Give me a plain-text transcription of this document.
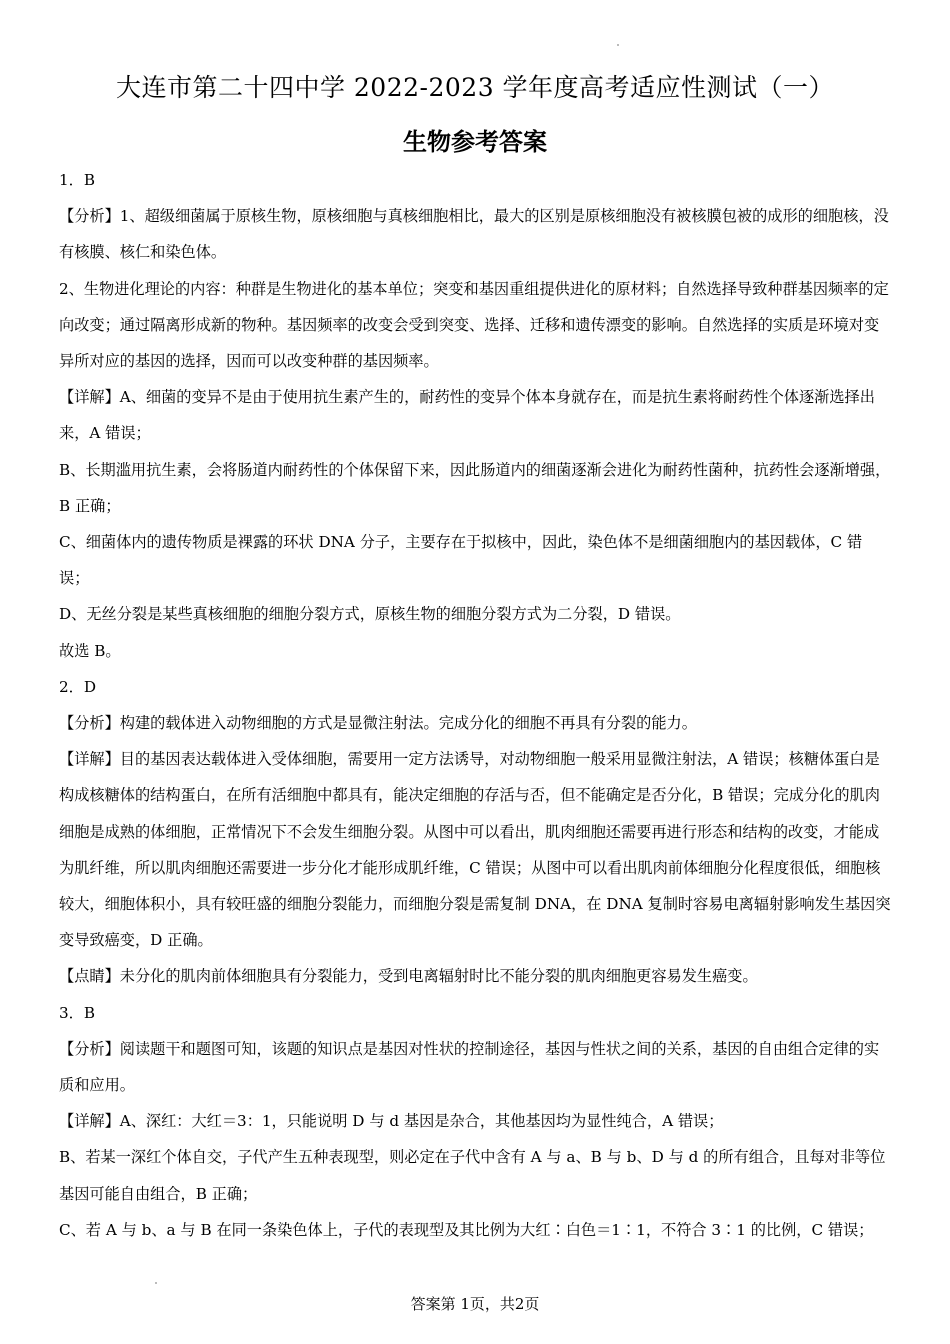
大连市第二十四中学 2022-2023 学年度高考适应性测试（一）
生物参考答案

1．B

【分析】1、超级细菌属于原核生物，原核细胞与真核细胞相比，最大的区别是原核细胞没有被核膜包被的成形的细胞核，没有核膜、核仁和染色体。

2、生物进化理论的内容：种群是生物进化的基本单位；突变和基因重组提供进化的原材料；自然选择导致种群基因频率的定向改变；通过隔离形成新的物种。基因频率的改变会受到突变、选择、迁移和遗传漂变的影响。自然选择的实质是环境对变异所对应的基因的选择，因而可以改变种群的基因频率。

【详解】A、细菌的变异不是由于使用抗生素产生的，耐药性的变异个体本身就存在，而是抗生素将耐药性个体逐渐选择出来，A 错误；

B、长期滥用抗生素，会将肠道内耐药性的个体保留下来，因此肠道内的细菌逐渐会进化为耐药性菌种，抗药性会逐渐增强，B 正确；

C、细菌体内的遗传物质是裸露的环状 DNA 分子，主要存在于拟核中，因此，染色体不是细菌细胞内的基因载体，C 错误；

D、无丝分裂是某些真核细胞的细胞分裂方式，原核生物的细胞分裂方式为二分裂，D 错误。

故选 B。

2．D

【分析】构建的载体进入动物细胞的方式是显微注射法。完成分化的细胞不再具有分裂的能力。

【详解】目的基因表达载体进入受体细胞，需要用一定方法诱导，对动物细胞一般采用显微注射法，A 错误；核糖体蛋白是构成核糖体的结构蛋白，在所有活细胞中都具有，能决定细胞的存活与否，但不能确定是否分化，B 错误；完成分化的肌肉细胞是成熟的体细胞，正常情况下不会发生细胞分裂。从图中可以看出，肌肉细胞还需要再进行形态和结构的改变，才能成为肌纤维，所以肌肉细胞还需要进一步分化才能形成肌纤维，C 错误；从图中可以看出肌肉前体细胞分化程度很低，细胞核较大，细胞体积小，具有较旺盛的细胞分裂能力，而细胞分裂是需复制 DNA，在 DNA 复制时容易电离辐射影响发生基因突变导致癌变，D 正确。

【点睛】未分化的肌肉前体细胞具有分裂能力，受到电离辐射时比不能分裂的肌肉细胞更容易发生癌变。

3．B

【分析】阅读题干和题图可知，该题的知识点是基因对性状的控制途径，基因与性状之间的关系，基因的自由组合定律的实质和应用。

【详解】A、深红：大红＝3：1，只能说明 D 与 d 基因是杂合，其他基因均为显性纯合，A 错误；

B、若某一深红个体自交，子代产生五种表现型，则必定在子代中含有 A 与 a、B 与 b、D 与 d 的所有组合，且每对非等位基因可能自由组合，B 正确；

C、若 A 与 b、a 与 B 在同一条染色体上，子代的表现型及其比例为大红∶白色＝1∶1，不符合 3∶1 的比例，C 错误；

答案第 1页，共2页
